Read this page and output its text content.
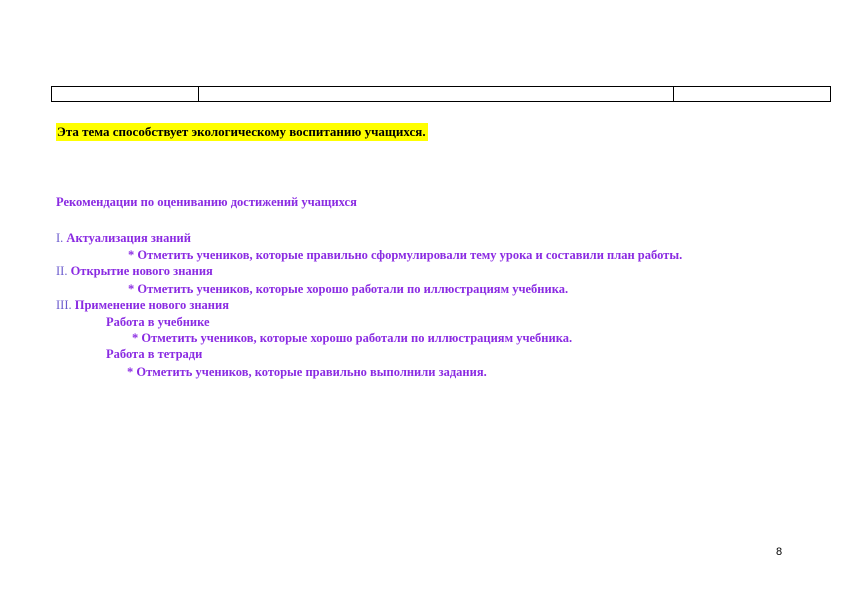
Эта тема способствует экологическому воспитанию учащихся.
Рекомендации по оцениванию достижений учащихся
I. Актуализация знаний
* Отметить учеников, которые правильно сформулировали тему урока и составили план работы.
II. Открытие нового знания
* Отметить учеников, которые хорошо работали по иллюстрациям учебника.
III. Применение нового знания
Работа в учебнике
* Отметить учеников, которые хорошо работали по иллюстрациям учебника.
Работа в тетради
* Отметить учеников, которые правильно выполнили задания.
8
